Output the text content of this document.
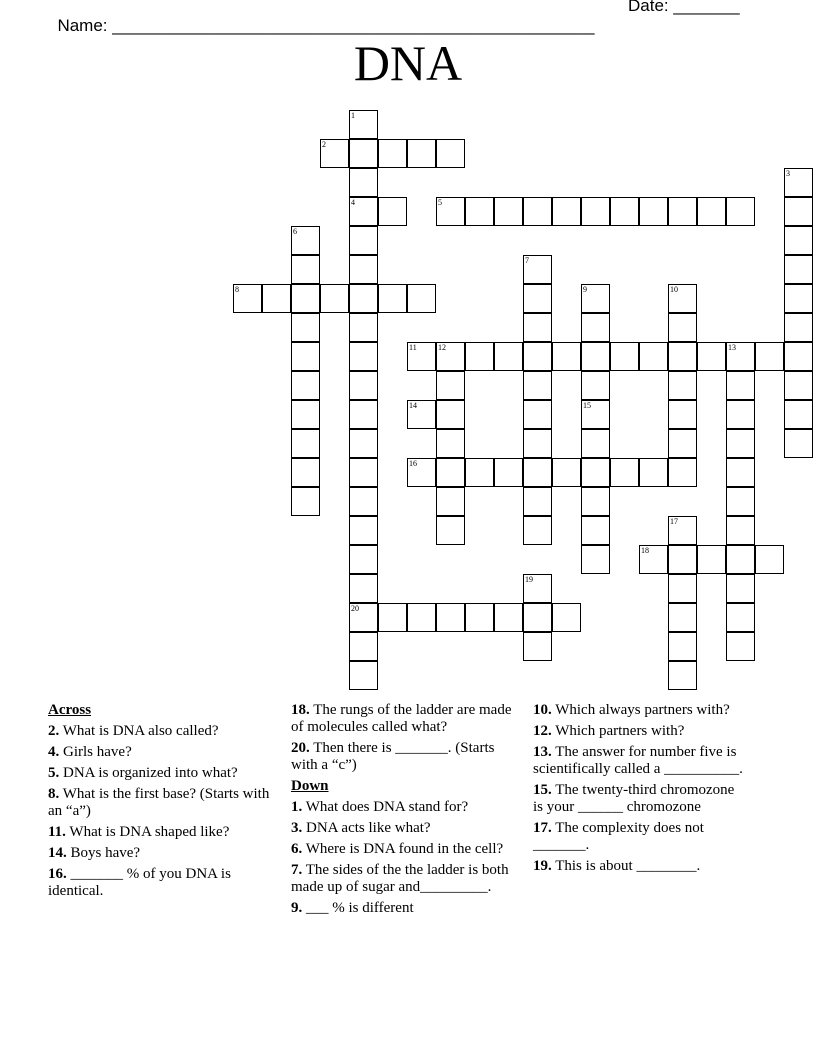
Name: ___________________________________________________

Date: _______

DNA
1
4
20
2
3
5
6
7
8	9
15
10
11	12	13
14
16
17
18
19
Across
2. What is DNA also called?
4. Girls have?
5. DNA is organized into what?
8. What is the first base? (Starts with an “a”)
11. What is DNA shaped like?
14. Boys have?
16. _______ % of you DNA is identical.
18. The rungs of the ladder are made of molecules called what?
20. Then there is _______. (Starts with a “c”)
Down
1. What does DNA stand for?
3. DNA acts like what?
6. Where is DNA found in the cell?
7. The sides of the the ladder is both made up of sugar and_________.
9. ___ % is different
10. Which always partners with?
12. Which partners with?
13. The answer for number five is scientifically called a __________.
15. The twenty-third chromozone is your ______ chromozone
17. The complexity does not _______.
19. This is about ________.
